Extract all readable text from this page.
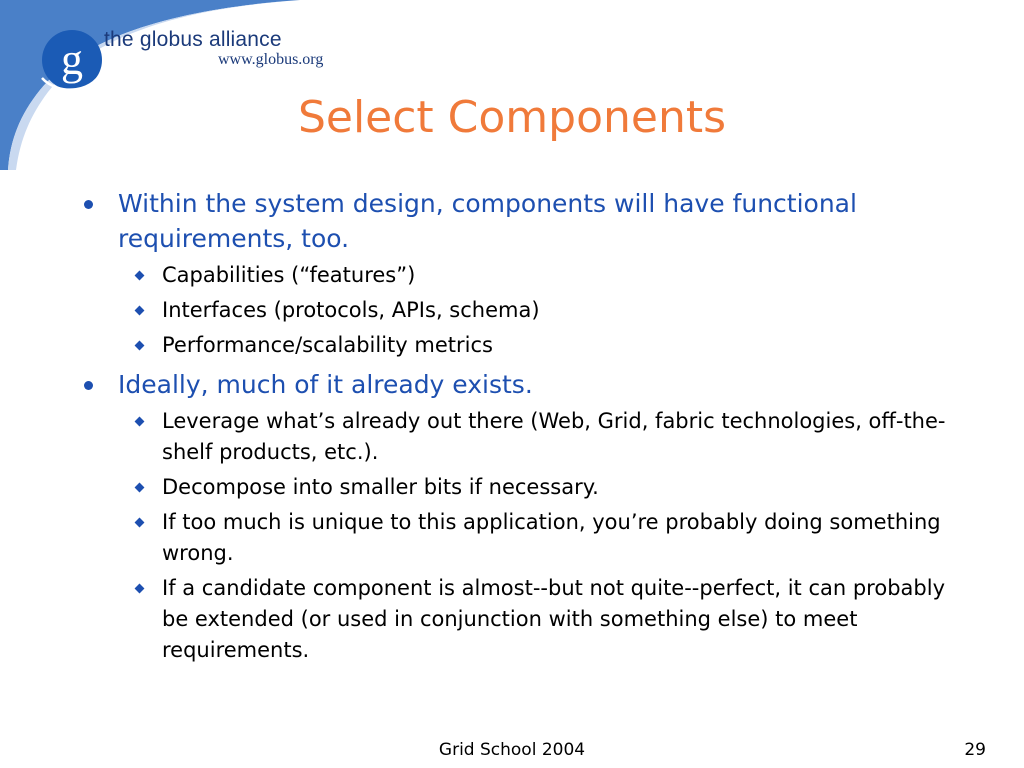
g the globus alliance
www.globus.org
Select Components
Within the system design, components will have functional requirements, too.
Capabilities (“features”)
Interfaces (protocols, APIs, schema)
Performance/scalability metrics
Ideally, much of it already exists.
Leverage what’s already out there (Web, Grid, fabric technologies, off-the-shelf products, etc.).
Decompose into smaller bits if necessary.
If too much is unique to this application, you’re probably doing something wrong.
If a candidate component is almost--but not quite--perfect, it can probably be extended (or used in conjunction with something else) to meet requirements.
Grid School 2004	29
